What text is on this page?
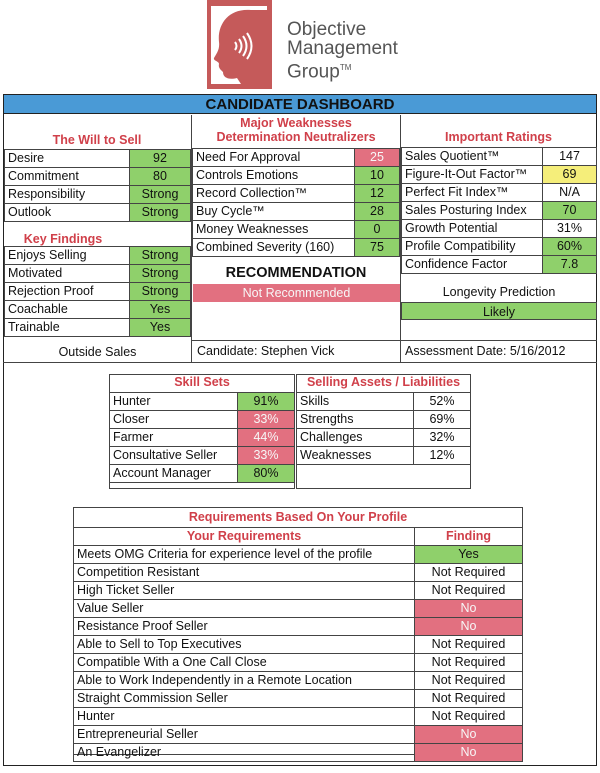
Objective
Management
Group™
CANDIDATE DASHBOARD
The Will to Sell
Desire	92
Commitment	80
Responsibility	Strong
Outlook	Strong
Key Findings
Enjoys Selling	Strong
Motivated	Strong
Rejection Proof	Strong
Coachable	Yes
Trainable	Yes
Outside Sales
Major Weaknesses
Determination Neutralizers
Need For Approval	25
Controls Emotions	10
Record Collection™	12
Buy Cycle™	28
Money Weaknesses	0
Combined Severity (160)	75
RECOMMENDATION
Not Recommended
Candidate: Stephen Vick
Important Ratings
Sales Quotient™	147
Figure-It-Out Factor™	69
Perfect Fit Index™	N/A
Sales Posturing Index	70
Growth Potential	31%
Profile Compatibility	60%
Confidence Factor	7.8
Longevity Prediction
Likely
Assessment Date: 5/16/2012
Skill Sets
Hunter	91%
Closer	33%
Farmer	44%
Consultative Seller	33%
Account Manager	80%
Selling Assets / Liabilities
Skills	52%
Strengths	69%
Challenges	32%
Weaknesses	12%
Requirements Based On Your Profile
Your Requirements	Finding
Meets OMG Criteria for experience level of the profile	Yes
Competition Resistant	Not Required
High Ticket Seller	Not Required
Value Seller	No
Resistance Proof Seller	No
Able to Sell to Top Executives	Not Required
Compatible With a One Call Close	Not Required
Able to Work Independently in a Remote Location	Not Required
Straight Commission Seller	Not Required
Hunter	Not Required
Entrepreneurial Seller	No
An Evangelizer	No
